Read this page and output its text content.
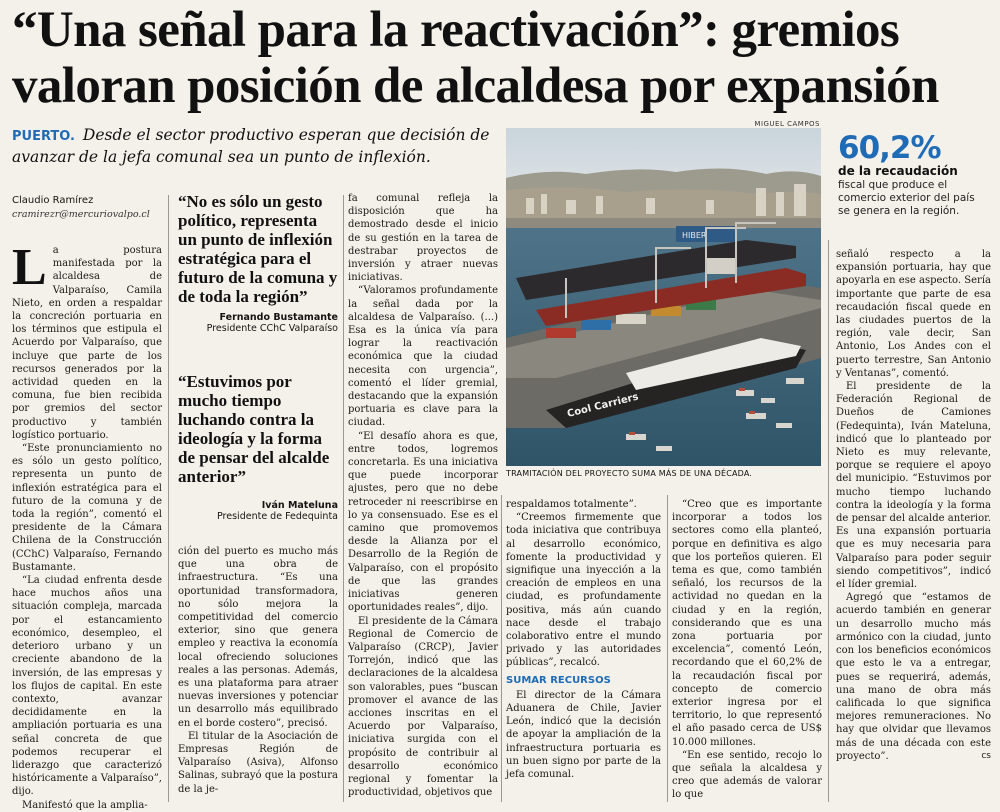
“Una señal para la reactivación”: gremios valoran posición de alcaldesa por expansión
PUERTO. Desde el sector productivo esperan que decisión de avanzar de la jefa comunal sea un punto de inflexión.
Claudio Ramírez
cramirezr@mercuriovalpo.cl

La postura manifestada por la alcaldesa de Valparaíso, Camila Nieto, en orden a respaldar la concreción portuaria en los términos que estipula el Acuerdo por Valparaíso, que incluye que parte de los recursos generados por la actividad queden en la comuna, fue bien recibida por gremios del sector productivo y también logístico portuario.

“Este pronunciamiento no es sólo un gesto político, representa un punto de inflexión estratégica para el futuro de la comuna y de toda la región”, comentó el presidente de la Cámara Chilena de la Construcción (CChC) Valparaíso, Fernando Bustamante.

“La ciudad enfrenta desde hace muchos años una situación compleja, marcada por el estancamiento económico, desempleo, el deterioro urbano y un creciente abandono de la inversión, de las empresas y los flujos de capital. En este contexto, avanzar decididamente en la ampliación portuaria es una señal concreta de que podemos recuperar el liderazgo que caracterizó históricamente a Valparaíso”, dijo.

Manifestó que la amplia-

“No es sólo un gesto político, representa un punto de inflexión estratégica para el futuro de la comuna y de toda la región”
Fernando Bustamante
Presidente CChC Valparaíso
“Estuvimos por mucho tiempo luchando contra la ideología y la forma de pensar del alcalde anterior”
Iván Mateluna
Presidente de Fedequinta

ción del puerto es mucho más que una obra de infraestructura. “Es una oportunidad transformadora, no sólo mejora la competitividad del comercio exterior, sino que genera empleo y reactiva la economía local ofreciendo soluciones reales a las personas. Además, es una plataforma para atraer nuevas inversiones y potenciar un desarrollo más equilibrado en el borde costero”, precisó.

El titular de la Asociación de Empresas Región de Valparaíso (Asiva), Alfonso Salinas, subrayó que la postura de la je-

fa comunal refleja la disposición que ha demostrado desde el inicio de su gestión en la tarea de destrabar proyectos de inversión y atraer nuevas iniciativas.

“Valoramos profundamente la señal dada por la alcaldesa de Valparaíso. (...) Esa es la única vía para lograr la reactivación económica que la ciudad necesita con urgencia”, comentó el líder gremial, destacando que la expansión portuaria es clave para la ciudad.

“El desafío ahora es que, entre todos, logremos concretarla. Es una iniciativa que puede incorporar ajustes, pero que no debe retroceder ni reescribirse en lo ya consensuado. Ese es el camino que promovemos desde la Alianza por el Desarrollo de la Región de Valparaíso, con el propósito de que las grandes iniciativas generen oportunidades reales”, dijo.

El presidente de la Cámara Regional de Comercio de Valparaíso (CRCP), Javier Torrejón, indicó que las declaraciones de la alcaldesa son valorables, pues “buscan promover el avance de las acciones inscritas en el Acuerdo por Valparaíso, iniciativa surgida con el propósito de contribuir al desarrollo económico regional y fomentar la productividad, objetivos que

MIGUEL CAMPOS
HIBER
Cool Carriers
TRAMITACIÓN DEL PROYECTO SUMA MÁS DE UNA DÉCADA.
60,2%
de la recaudación fiscal que produce el comercio exterior del país se genera en la región.

respaldamos totalmente”.

“Creemos firmemente que toda iniciativa que contribuya al desarrollo económico, fomente la productividad y signifique una inyección a la creación de empleos en una ciudad, es profundamente positiva, más aún cuando nace desde el trabajo colaborativo entre el mundo privado y las autoridades públicas”, recalcó.

SUMAR RECURSOS

El director de la Cámara Aduanera de Chile, Javier León, indicó que la decisión de apoyar la ampliación de la infraestructura portuaria es un buen signo por parte de la jefa comunal.

“Creo que es importante incorporar a todos los sectores como ella planteó, porque en definitiva es algo que los porteños quieren. El tema es que, como también señaló, los recursos de la actividad no quedan en la ciudad y en la región, considerando que es una zona portuaria por excelencia”, comentó León, recordando que el 60,2% de la recaudación fiscal por concepto de comercio exterior ingresa por el territorio, lo que representó el año pasado cerca de US$ 10.000 millones.

“En ese sentido, recojo lo que señala la alcaldesa y creo que además de valorar lo que

señaló respecto a la expansión portuaria, hay que apoyarla en ese aspecto. Sería importante que parte de esa recaudación fiscal quede en las ciudades puertos de la región, vale decir, San Antonio, Los Andes con el puerto terrestre, San Antonio y Ventanas”, comentó.

El presidente de la Federación Regional de Dueños de Camiones (Fedequinta), Iván Mateluna, indicó que lo planteado por Nieto es muy relevante, porque se requiere el apoyo del municipio. “Estuvimos por mucho tiempo luchando contra la ideología y la forma de pensar del alcalde anterior. Es una expansión portuaria que es muy necesaria para Valparaíso para poder seguir siendo competitivos”, indicó el líder gremial.

Agregó que “estamos de acuerdo también en generar un desarrollo mucho más armónico con la ciudad, junto con los beneficios económicos que esto le va a entregar, pues se requerirá, además, una mano de obra más calificada lo que significa mejores remuneraciones. No hay que olvidar que llevamos más de una década con este proyecto”.	cs
